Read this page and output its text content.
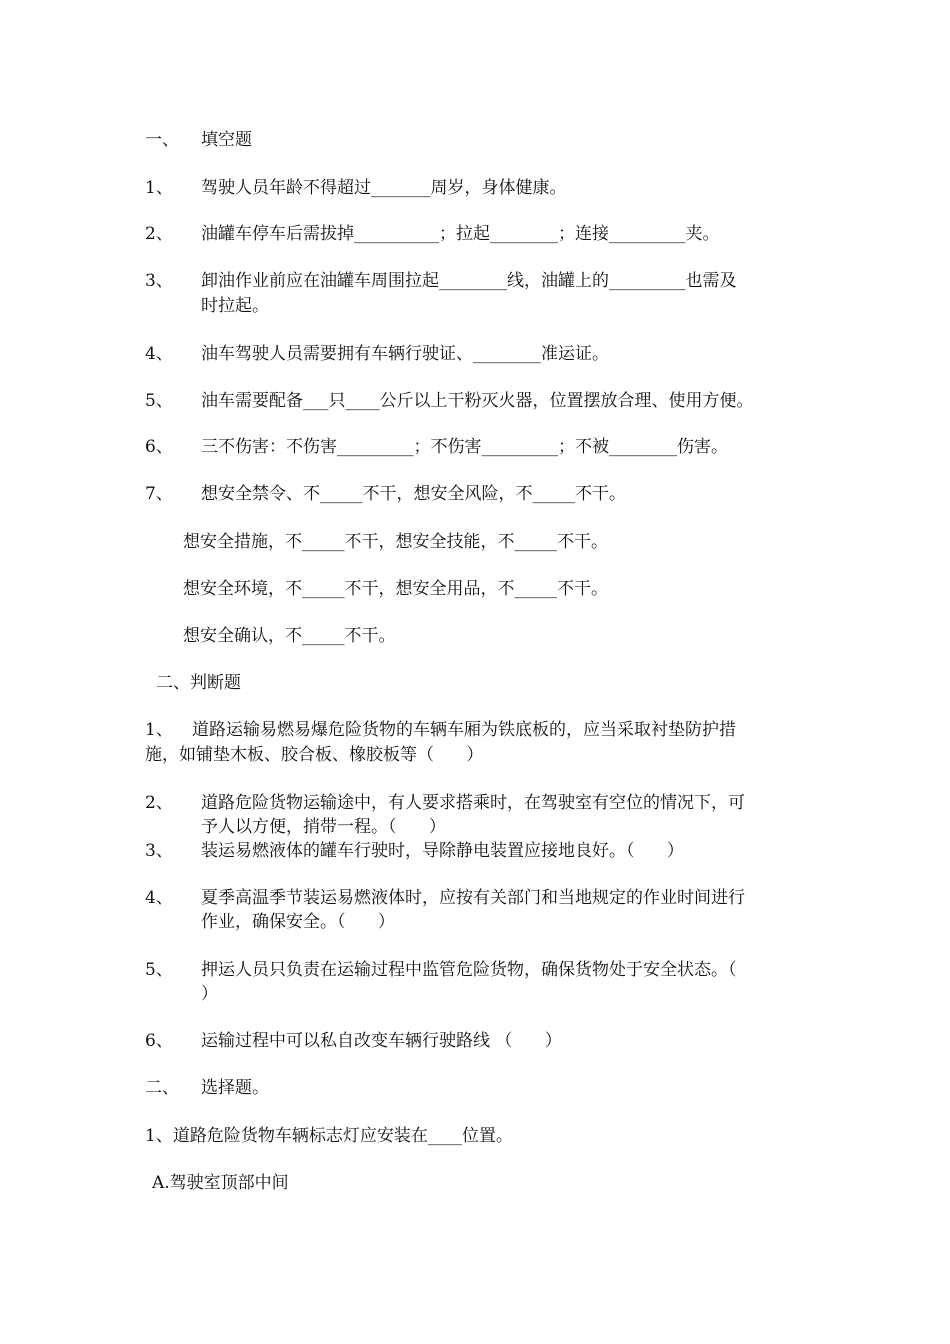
一、 填空题
1、 驾驶人员年龄不得超过_______周岁，身体健康。
2、 油罐车停车后需拔掉__________；拉起________；连接_________夹。
3、 卸油作业前应在油罐车周围拉起________线，油罐上的_________也需及
时拉起。
4、 油车驾驶人员需要拥有车辆行驶证、________准运证。
5、 油车需要配备___只____公斤以上干粉灭火器，位置摆放合理、使用方便。
6、 三不伤害：不伤害_________；不伤害_________；不被________伤害。
7、 想安全禁令、不_____不干，想安全风险，不_____不干。
想安全措施，不_____不干，想安全技能，不_____不干。
想安全环境，不_____不干，想安全用品，不_____不干。
想安全确认，不_____不干。
二、判断题
1、 道路运输易燃易爆危险货物的车辆车厢为铁底板的，应当采取衬垫防护措
施，如铺垫木板、胶合板、橡胶板等（      ）
2、 道路危险货物运输途中，有人要求搭乘时，在驾驶室有空位的情况下，可
予人以方便，捎带一程。（      ）
3、 装运易燃液体的罐车行驶时，导除静电装置应接地良好。（      ）
4、 夏季高温季节装运易燃液体时，应按有关部门和当地规定的作业时间进行
作业，确保安全。（      ）
5、 押运人员只负责在运输过程中监管危险货物，确保货物处于安全状态。（
）
6、 运输过程中可以私自改变车辆行驶路线 （      ）
二、 选择题。
1、道路危险货物车辆标志灯应安装在____位置。
A.驾驶室顶部中间
